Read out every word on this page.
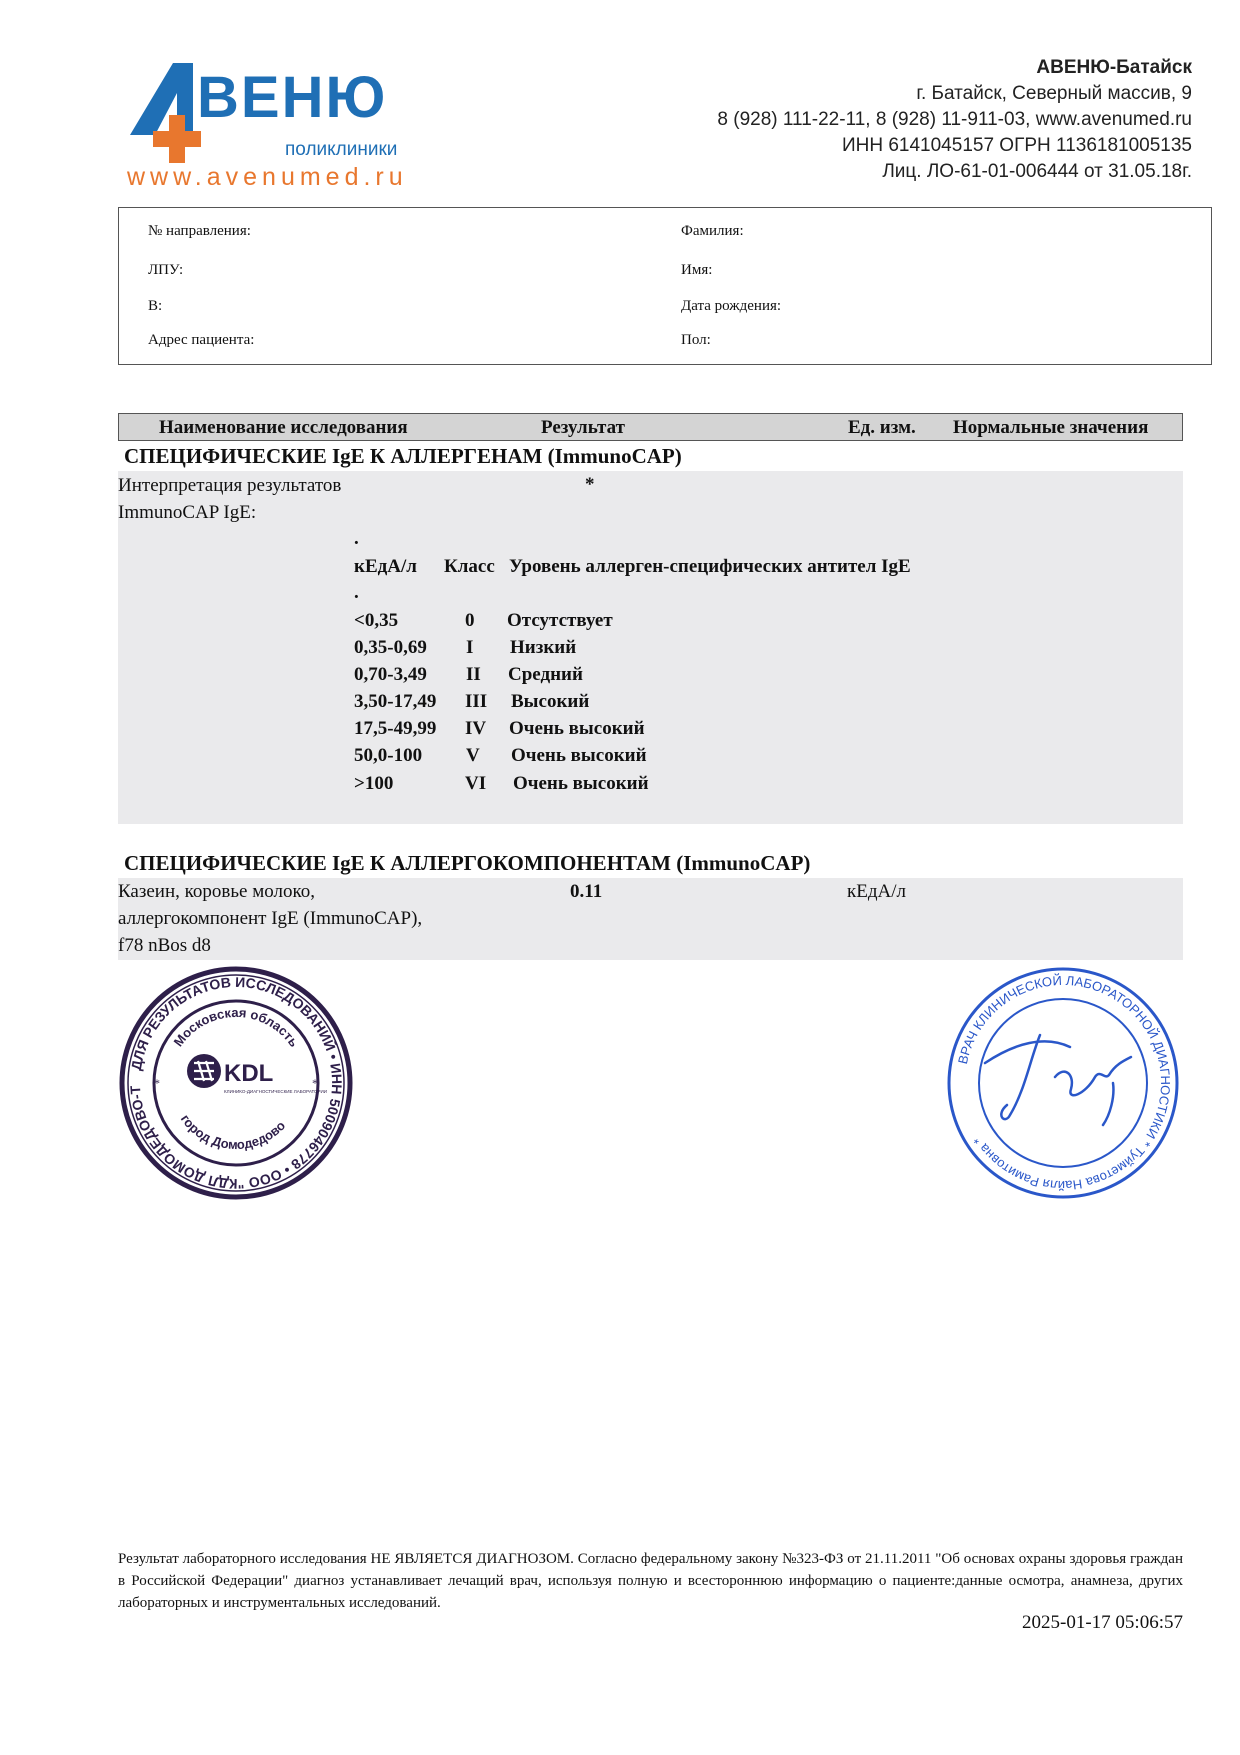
ВЕНЮ
поликлиники
www.avenumed.ru
АВЕНЮ-Батайск
г. Батайск, Северный массив, 9
8 (928) 111-22-11, 8 (928) 11-911-03, www.avenumed.ru
ИНН 6141045157 ОГРН 1136181005135
Лиц. ЛО-61-01-006444 от 31.05.18г.
№ направления:
ЛПУ:
В:
Адрес пациента:
Фамилия:
Имя:
Дата рождения:
Пол:
Наименование исследования	Результат	Ед. изм. Нормальные значения
СПЕЦИФИЧЕСКИЕ IgE К АЛЛЕРГЕНАМ (ImmunoCAP)
Интерпретация результатов
ImmunoCAP IgE:
*
.
кЕдА/л Класс Уровень аллерген-специфических антител IgE
.
<0,35	0 Отсутствует
0,35-0,69 I Низкий
0,70-3,49 II Средний
3,50-17,49 III Высокий
17,5-49,99 IV Очень высокий
50,0-100 V Очень высокий
>100	VI Очень высокий
СПЕЦИФИЧЕСКИЕ IgE К АЛЛЕРГОКОМПОНЕНТАМ (ImmunoCAP)
Казеин, коровье молоко,
аллергокомпонент IgE (ImmunoCAP),
f78 nBos d8
0.11	кЕдА/л
ДЛЯ РЕЗУЛЬТАТОВ ИССЛЕДОВАНИЙ • ИНН 5009046778 • ООО "КДЛ ДОМОДЕДОВО-Т
Московская область
город Домодедово
KDL
КЛИНИКО-ДИАГНОСТИЧЕСКИЕ ЛАБОРАТОРИИ
*	*
ВРАЧ КЛИНИЧЕСКОЙ ЛАБОРАТОРНОЙ ДИАГНОСТИКИ * Туйметова Найля Рамитовна *
Результат лабораторного исследования НЕ ЯВЛЯЕТСЯ ДИАГНОЗОМ. Согласно федеральному закону №323-ФЗ от 21.11.2011 "Об основах охраны здоровья граждан в Российской Федерации" диагноз устанавливает лечащий врач, используя полную и всестороннюю информацию о пациенте:данные осмотра, анамнеза, других лабораторных и инструментальных исследований.
2025-01-17 05:06:57
